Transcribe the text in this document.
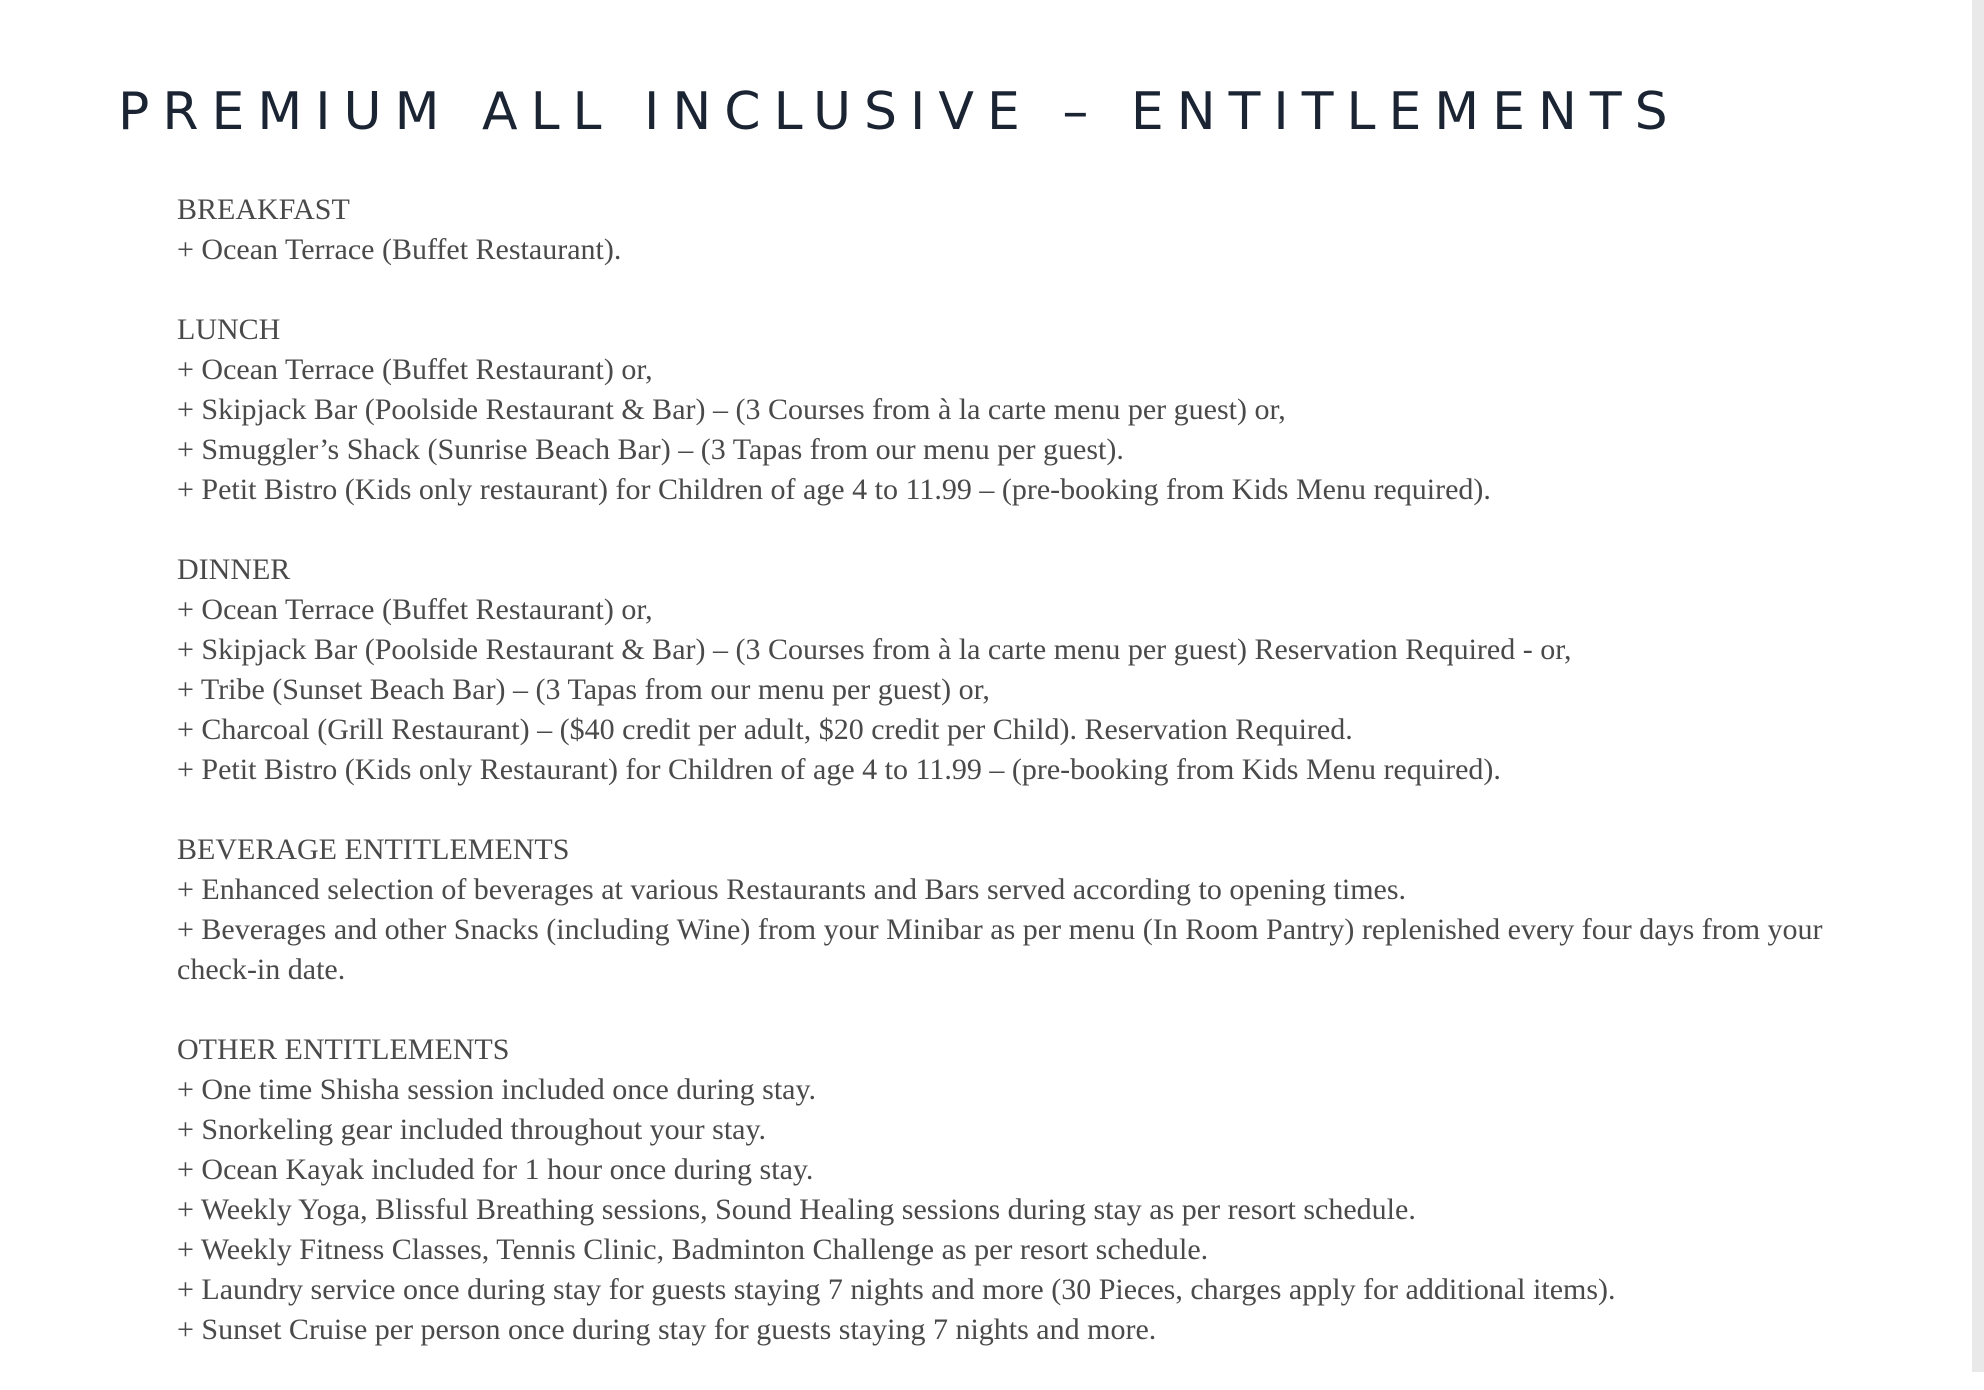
PREMIUM ALL INCLUSIVE – ENTITLEMENTS
BREAKFAST
+ Ocean Terrace (Buffet Restaurant).
LUNCH
+ Ocean Terrace (Buffet Restaurant) or,
+ Skipjack Bar (Poolside Restaurant & Bar) – (3 Courses from à la carte menu per guest) or,
+ Smuggler’s Shack (Sunrise Beach Bar) – (3 Tapas from our menu per guest).
+ Petit Bistro (Kids only restaurant) for Children of age 4 to 11.99 – (pre-booking from Kids Menu required).
DINNER
+ Ocean Terrace (Buffet Restaurant) or,
+ Skipjack Bar (Poolside Restaurant & Bar) – (3 Courses from à la carte menu per guest) Reservation Required - or,
+ Tribe (Sunset Beach Bar) – (3 Tapas from our menu per guest) or,
+ Charcoal (Grill Restaurant) – ($40 credit per adult, $20 credit per Child). Reservation Required.
+ Petit Bistro (Kids only Restaurant) for Children of age 4 to 11.99 – (pre-booking from Kids Menu required).
BEVERAGE ENTITLEMENTS
+ Enhanced selection of beverages at various Restaurants and Bars served according to opening times.
+ Beverages and other Snacks (including Wine) from your Minibar as per menu (In Room Pantry) replenished every four days from your check-in date.
OTHER ENTITLEMENTS
+ One time Shisha session included once during stay.
+ Snorkeling gear included throughout your stay.
+ Ocean Kayak included for 1 hour once during stay.
+ Weekly Yoga, Blissful Breathing sessions, Sound Healing sessions during stay as per resort schedule.
+ Weekly Fitness Classes, Tennis Clinic, Badminton Challenge as per resort schedule.
+ Laundry service once during stay for guests staying 7 nights and more (30 Pieces, charges apply for additional items).
+ Sunset Cruise per person once during stay for guests staying 7 nights and more.
